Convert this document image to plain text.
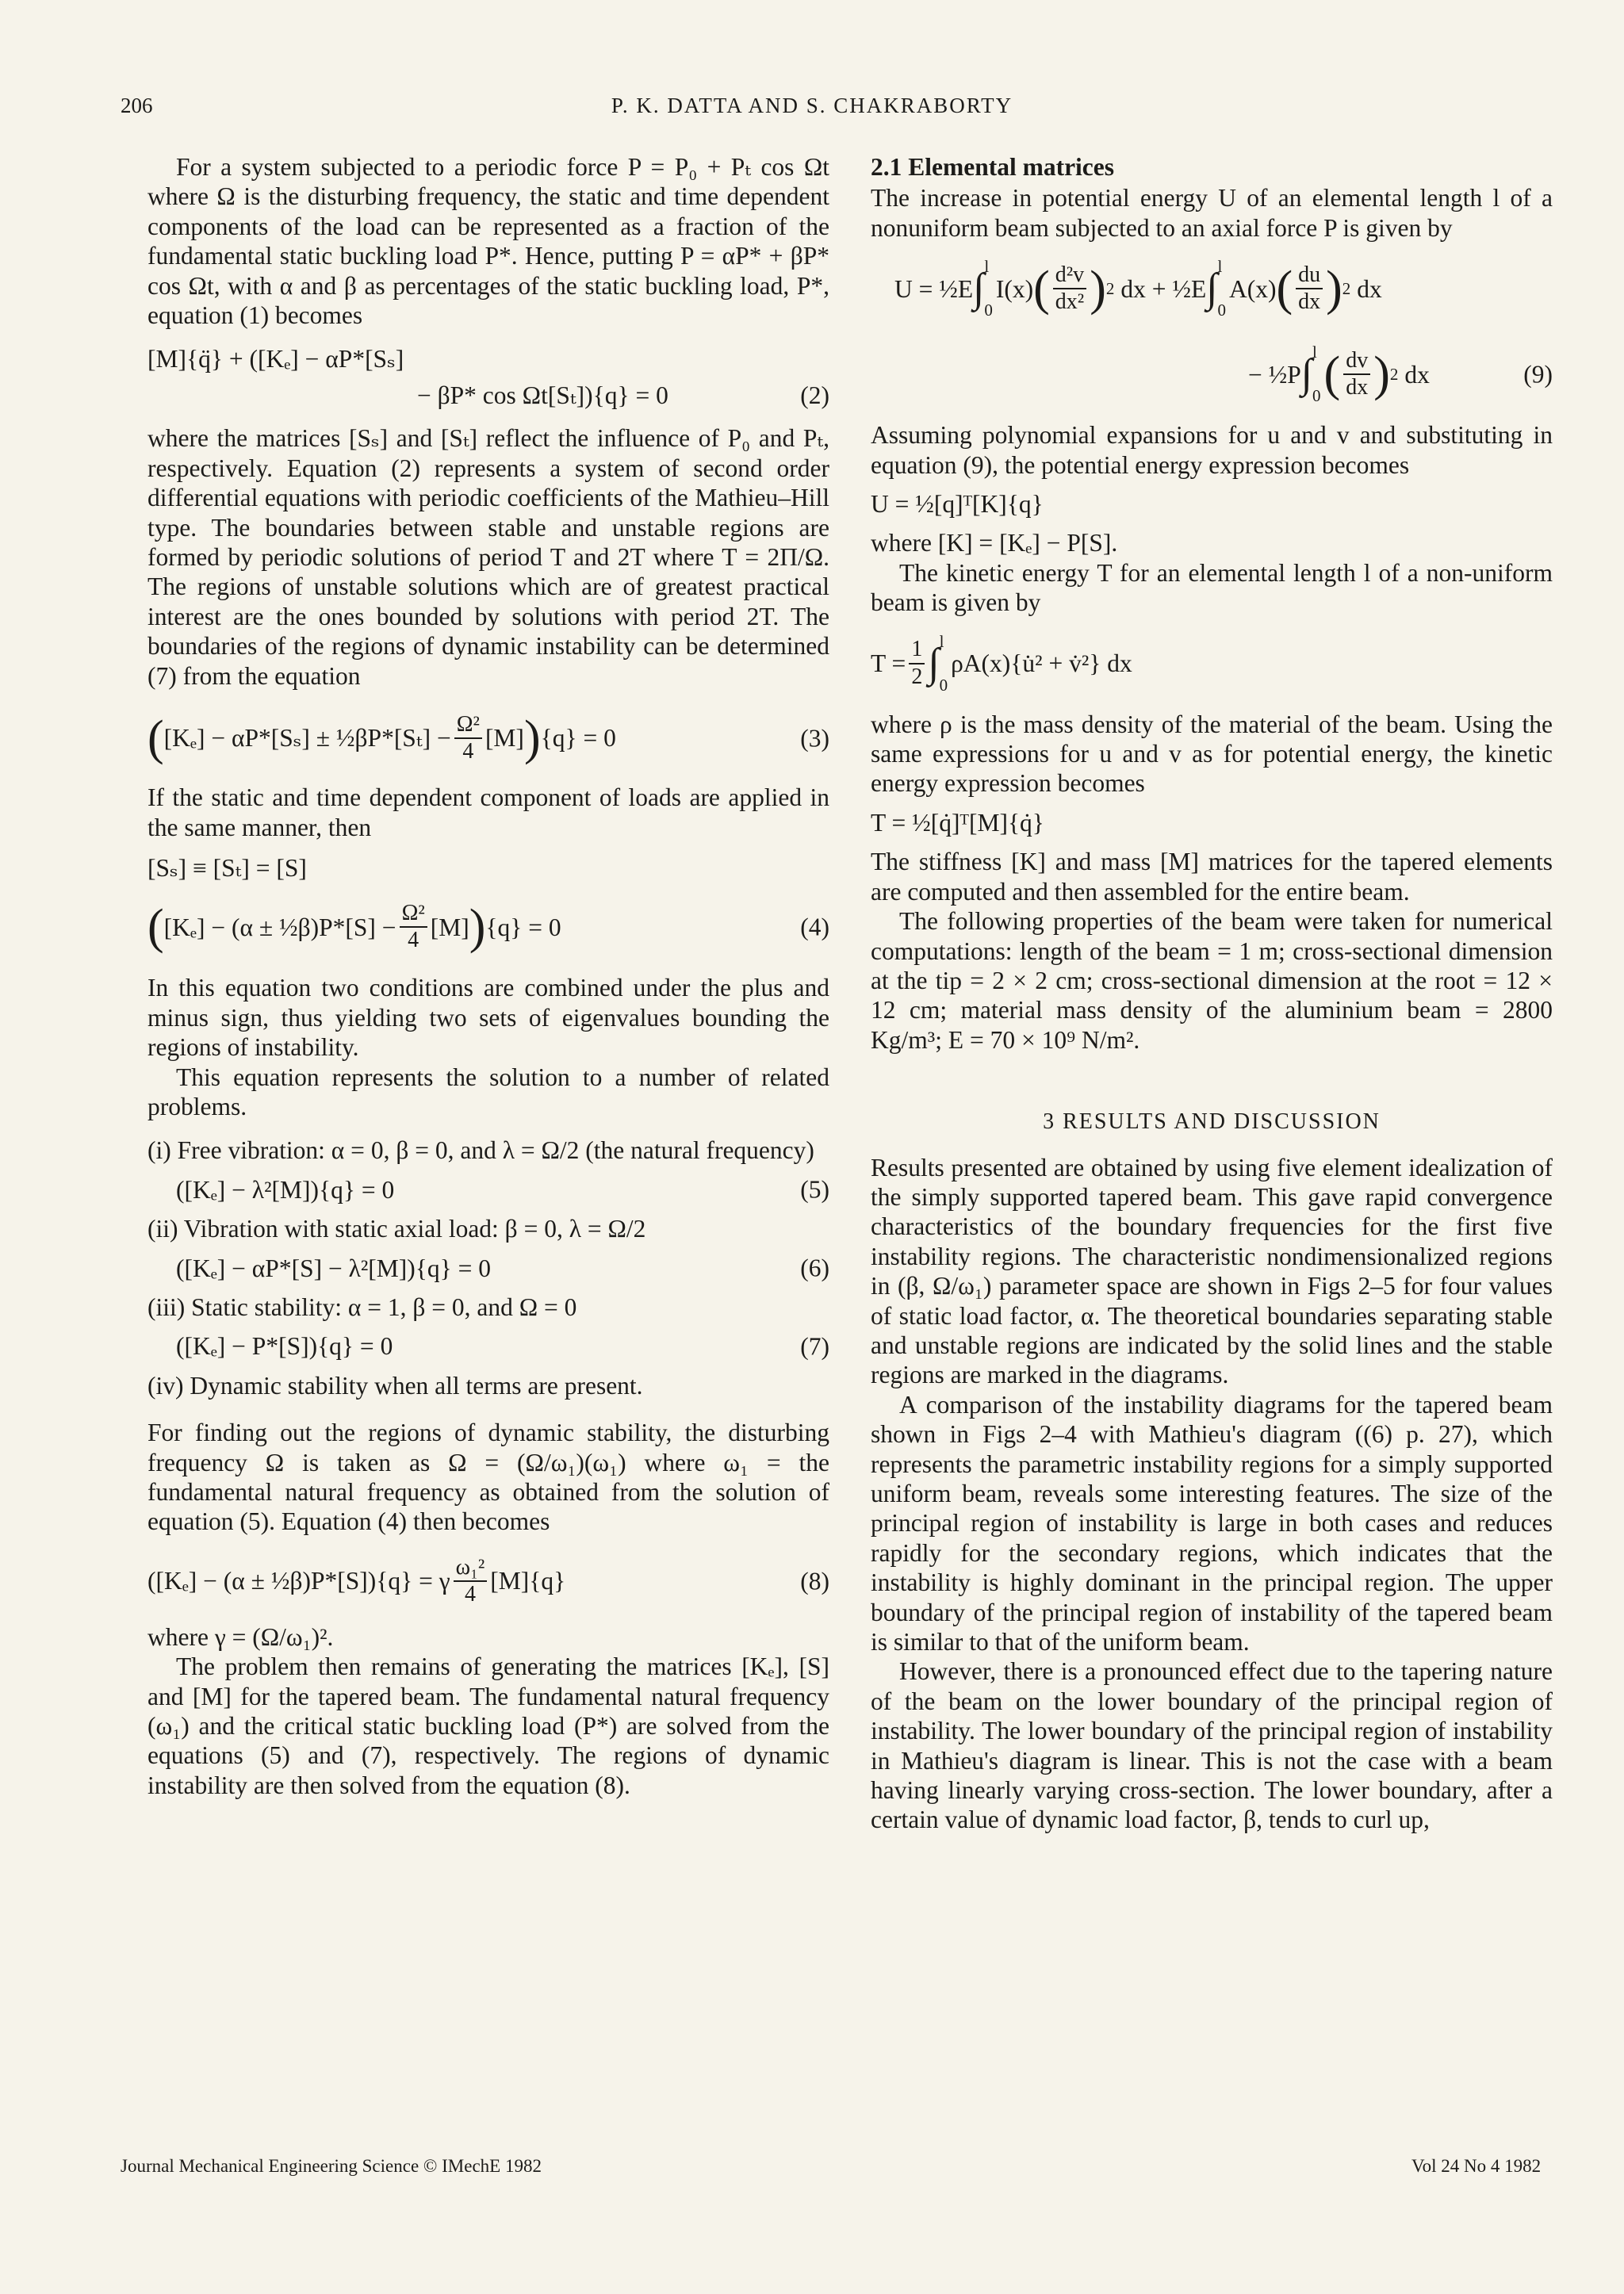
206	P. K. DATTA AND S. CHAKRABORTY

For a system subjected to a periodic force P = P₀ + Pₜ cos Ωt where Ω is the disturbing frequency, the static and time dependent components of the load can be represented as a fraction of the fundamental static buckling load P*. Hence, putting P = αP* + βP* cos Ωt, with α and β as percentages of the static buckling load, P*, equation (1) becomes

[M]{q̈} + ([Kₑ] − αP*[Sₛ]
− βP* cos Ωt[Sₜ]){q} = 0	(2)

where the matrices [Sₛ] and [Sₜ] reflect the influence of P₀ and Pₜ, respectively. Equation (2) represents a system of second order differential equations with periodic coefficients of the Mathieu–Hill type. The boundaries between stable and unstable regions are formed by periodic solutions of period T and 2T where T = 2Π/Ω. The regions of unstable solutions which are of greatest practical interest are the ones bounded by solutions with period 2T. The boundaries of the regions of dynamic instability can be determined (7) from the equation

( [Kₑ] − αP*[Sₛ] ± ½βP*[Sₜ] − $\frac{\text{Ω²}}{4} [M]$ ) {q} = 0	(3)

If the static and time dependent component of loads are applied in the same manner, then

[Sₛ] ≡ [Sₜ] = [S]
( [Kₑ] − (α ± ½β)P*[S] − $\frac{\text{Ω²}}{4} [M]$ ) {q} = 0	(4)

In this equation two conditions are combined under the plus and minus sign, thus yielding two sets of eigenvalues bounding the regions of instability.

This equation represents the solution to a number of related problems.

(i) Free vibration: α = 0, β = 0, and λ = Ω/2 (the natural frequency)

([Kₑ] − λ²[M]){q} = 0	(5)

(ii) Vibration with static axial load: β = 0, λ = Ω/2

([Kₑ] − αP*[S] − λ²[M]){q} = 0	(6)

(iii) Static stability: α = 1, β = 0, and Ω = 0

([Kₑ] − P*[S]){q} = 0	(7)

(iv) Dynamic stability when all terms are present.

For finding out the regions of dynamic stability, the disturbing frequency Ω is taken as Ω = (Ω/ω₁)(ω₁) where ω₁ = the fundamental natural frequency as obtained from the solution of equation (5). Equation (4) then becomes

([Kₑ] − (α ± ½β)P*[S]){q} = γ $\frac{\text{ω₁²}}{4} [M]\{q\}$	(8)

where γ = (Ω/ω₁)².

The problem then remains of generating the matrices [Kₑ], [S] and [M] for the tapered beam. The fundamental natural frequency (ω₁) and the critical static buckling load (P*) are solved from the equations (5) and (7), respectively. The regions of dynamic instability are then solved from the equation (8).

2.1 Elemental matrices

The increase in potential energy U of an elemental length l of a nonuniform beam subjected to an axial force P is given by

U = ½E ∫ l
0
I(x) ( $\frac{\text{d²v}}{\text{dx²}}$ ) 2 dx + ½E ∫ l
0
A(x) ( $\frac{du}{dx}$ ) 2 dx
− ½P ∫ l
0 ( $\frac{dv}{dx}$ ) 2 dx	(9)

Assuming polynomial expansions for u and v and substituting in equation (9), the potential energy expression becomes

U = ½[q]ᵀ[K]{q}

where [K] = [Kₑ] − P[S].

The kinetic energy T for an elemental length l of a non-uniform beam is given by

$T = \frac{1}{2}$ ∫ l
0
ρA(x){u̇² + v̇²} dx

where ρ is the mass density of the material of the beam. Using the same expressions for u and v as for potential energy, the kinetic energy expression becomes

T = ½[q̇]ᵀ[M]{q̇}

The stiffness [K] and mass [M] matrices for the tapered elements are computed and then assembled for the entire beam.

The following properties of the beam were taken for numerical computations: length of the beam = 1 m; cross-sectional dimension at the tip = 2 × 2 cm; cross-sectional dimension at the root = 12 × 12 cm; material mass density of the aluminium beam = 2800 Kg/m³; E = 70 × 10⁹ N/m².

3 RESULTS AND DISCUSSION

Results presented are obtained by using five element idealization of the simply supported tapered beam. This gave rapid convergence characteristics of the boundary frequencies for the first five instability regions. The characteristic nondimensionalized regions in (β, Ω/ω₁) parameter space are shown in Figs 2–5 for four values of static load factor, α. The theoretical boundaries separating stable and unstable regions are indicated by the solid lines and the stable regions are marked in the diagrams.

A comparison of the instability diagrams for the tapered beam shown in Figs 2–4 with Mathieu's diagram ((6) p. 27), which represents the parametric instability regions for a simply supported uniform beam, reveals some interesting features. The size of the principal region of instability is large in both cases and reduces rapidly for the secondary regions, which indicates that the instability is highly dominant in the principal region. The upper boundary of the principal region of instability of the tapered beam is similar to that of the uniform beam.

However, there is a pronounced effect due to the tapering nature of the beam on the lower boundary of the principal region of instability. The lower boundary of the principal region of instability in Mathieu's diagram is linear. This is not the case with a beam having linearly varying cross-section. The lower boundary, after a certain value of dynamic load factor, β, tends to curl up,

Journal Mechanical Engineering Science © IMechE 1982	Vol 24 No 4 1982
